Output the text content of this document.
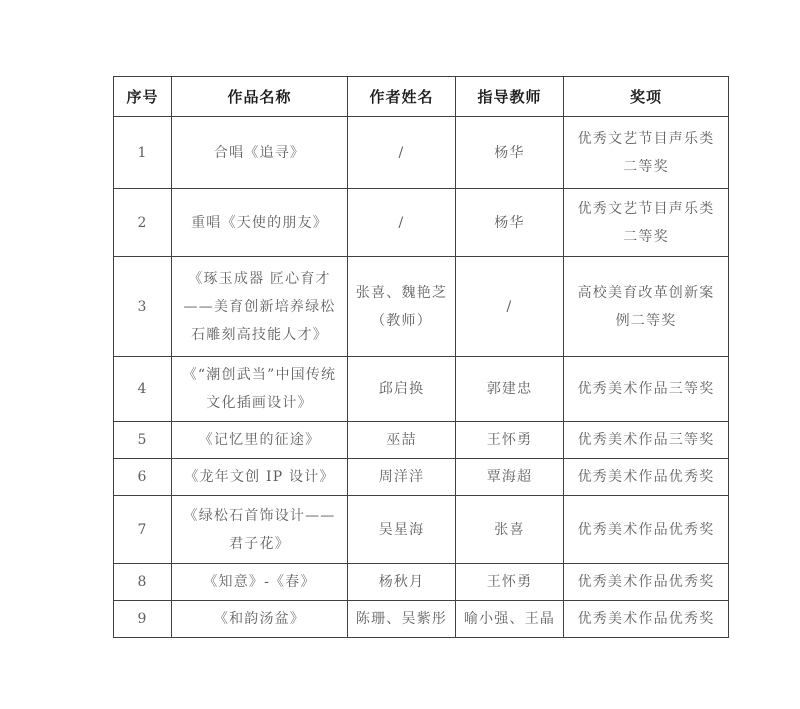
序号	作品名称	作者姓名	指导教师	奖项
1	合唱《追寻》	/	杨华	优秀文艺节目声乐类二等奖
2	重唱《天使的朋友》	/	杨华	优秀文艺节目声乐类二等奖
3	《琢玉成器 匠心育才——美育创新培养绿松石雕刻高技能人才》	张喜、魏艳芝（教师）	/	高校美育改革创新案例二等奖
4	《“潮创武当”中国传统文化插画设计》	邱启换	郭建忠	优秀美术作品三等奖
5	《记忆里的征途》	巫喆	王怀勇	优秀美术作品三等奖
6	《龙年文创 IP 设计》	周洋洋	覃海超	优秀美术作品优秀奖
7	《绿松石首饰设计——君子花》	吴星海	张喜	优秀美术作品优秀奖
8	《知意》-《春》	杨秋月	王怀勇	优秀美术作品优秀奖
9	《和韵汤盆》	陈珊、吴紫彤	喻小强、王晶	优秀美术作品优秀奖
